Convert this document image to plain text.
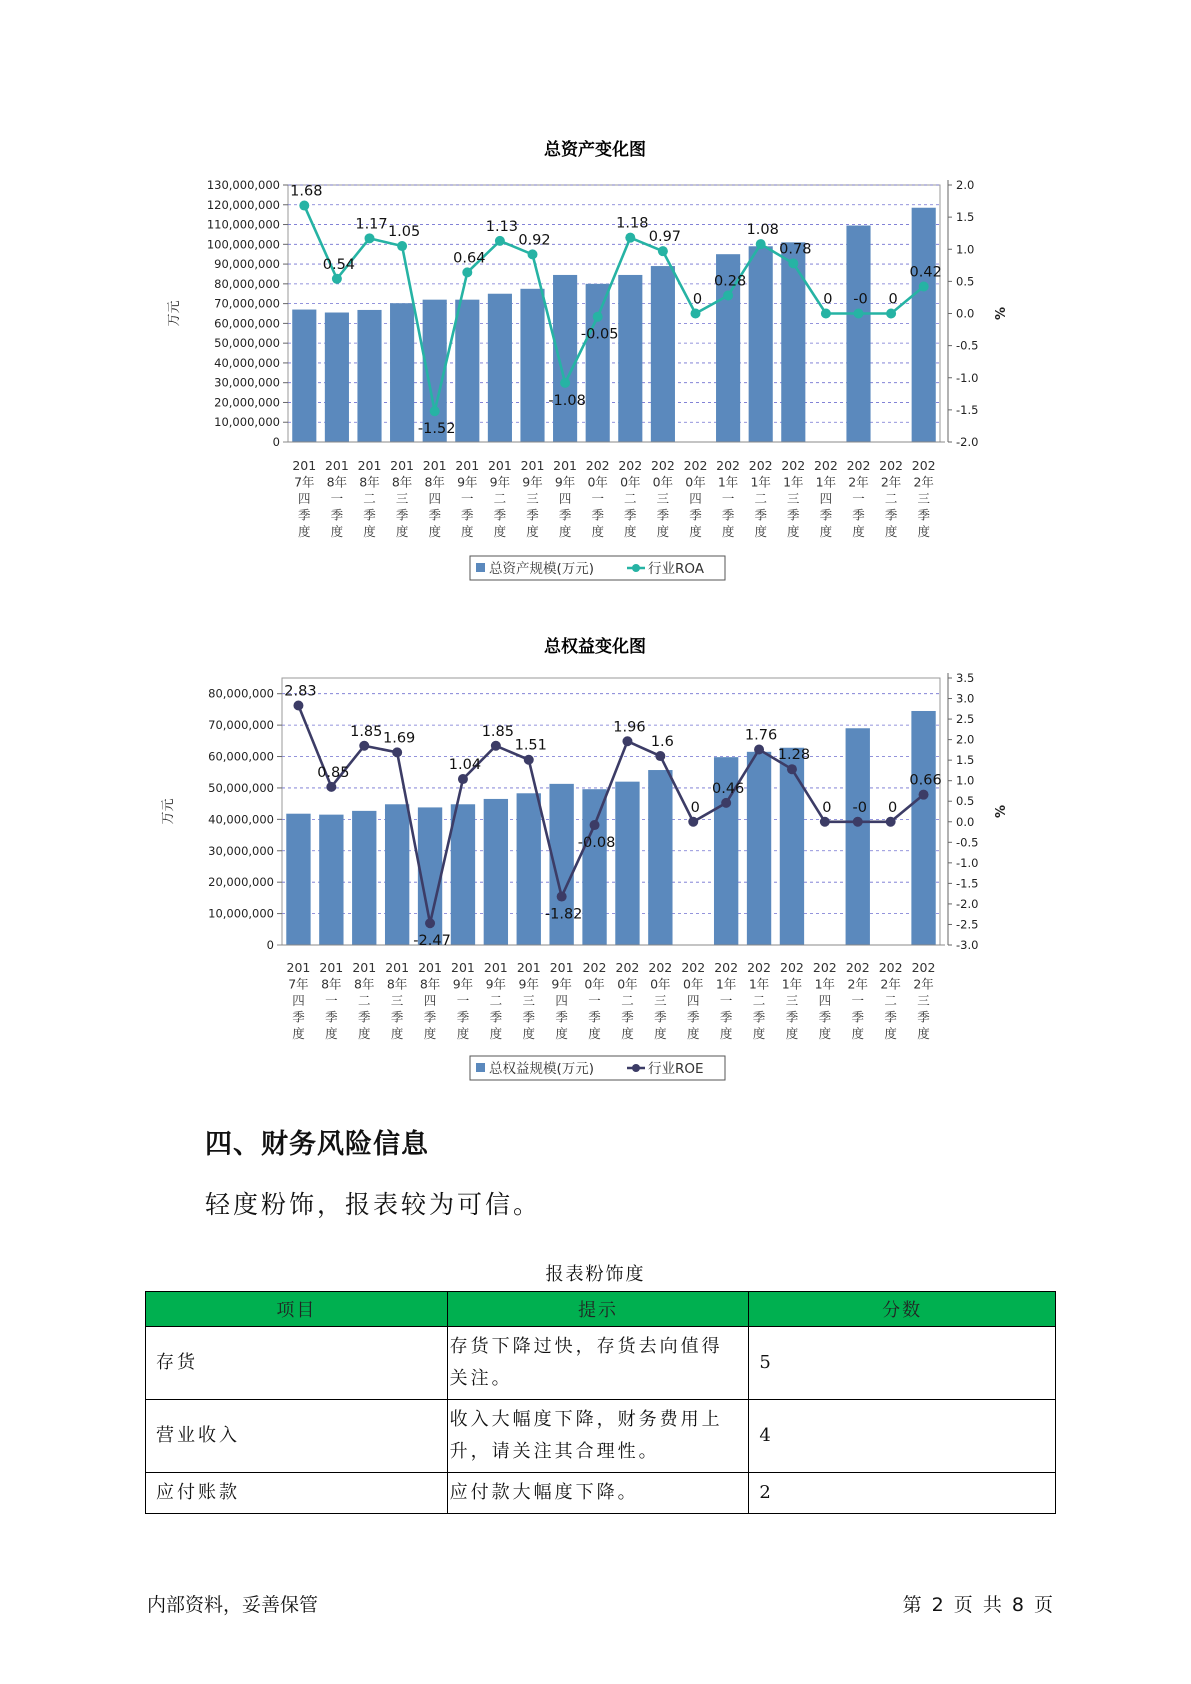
总资产变化图
130,000,000
120,000,000
110,000,000
100,000,000
90,000,000
80,000,000
70,000,000
60,000,000
50,000,000
40,000,000
30,000,000
20,000,000
10,000,000
0
2.0
1.5
1.0
0.5
0.0
-0.5
-1.0
-1.5
-2.0
万元	%
201
7年
四
季
度
201
8年
一
季
度
201
8年
二
季
度
201
8年
三
季
度
201
8年
四
季
度
201
9年
一
季
度
201
9年
二
季
度
201
9年
三
季
度
201
9年
四
季
度
202
0年
一
季
度
202
0年
二
季
度
202
0年
三
季
度
202
0年
四
季
度
202
1年
一
季
度
202
1年
二
季
度
202
1年
三
季
度
202
1年
四
季
度
202
2年
一
季
度
202
2年
二
季
度
202
2年
三
季
度
1.68
0.54
1.17 1.05
-1.52
0.64
1.13
0.92
-1.08
-0.05
1.18
0.97
0
0.28
1.08
0.78
0 -0 0
0.42
总资产规模(万元)	行业ROA
总权益变化图
80,000,000
70,000,000
60,000,000
50,000,000
40,000,000
30,000,000
20,000,000
10,000,000
0
3.5
3.0
2.5
2.0
1.5
1.0
0.5
0.0
-0.5
-1.0
-1.5
-2.0
-2.5
-3.0
万元	%
201
7年
四
季
度
201
8年
一
季
度
201
8年
二
季
度
201
8年
三
季
度
201
8年
四
季
度
201
9年
一
季
度
201
9年
二
季
度
201
9年
三
季
度
201
9年
四
季
度
202
0年
一
季
度
202
0年
二
季
度
202
0年
三
季
度
202
0年
四
季
度
202
1年
一
季
度
202
1年
二
季
度
202
1年
三
季
度
202
1年
四
季
度
202
2年
一
季
度
202
2年
二
季
度
202
2年
三
季
度
2.83
0.85
1.85 1.69
-2.47
1.04
1.85
1.51
-1.82
-0.08
1.96
1.6
0
0.46
1.76
1.28
0 -0 0
0.66
总权益规模(万元)	行业ROE
四、财务风险信息
轻度粉饰，报表较为可信。
报表粉饰度
项目	提示	分数
存货	存货下降过快，存货去向值得关注。	5
营业收入	收入大幅度下降，财务费用上升，请关注其合理性。	4
应付账款	应付款大幅度下降。	2
内部资料，妥善保管	第 2 页 共 8 页
